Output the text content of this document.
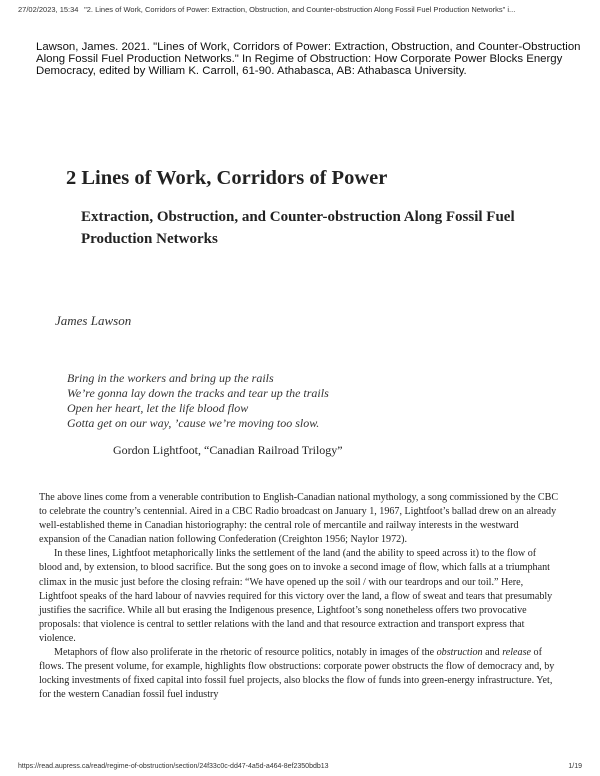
27/02/2023, 15:34 "2. Lines of Work, Corridors of Power: Extraction, Obstruction, and Counter-obstruction Along Fossil Fuel Production Networks" i...
Lawson, James. 2021. "Lines of Work, Corridors of Power: Extraction, Obstruction, and Counter-Obstruction Along Fossil Fuel Production Networks." In Regime of Obstruction: How Corporate Power Blocks Energy Democracy, edited by William K. Carroll, 61-90. Athabasca, AB: Athabasca University.
2 Lines of Work, Corridors of Power
Extraction, Obstruction, and Counter-obstruction Along Fossil Fuel Production Networks
James Lawson
Bring in the workers and bring up the rails
We’re gonna lay down the tracks and tear up the trails
Open her heart, let the life blood flow
Gotta get on our way, ’cause we’re moving too slow.
Gordon Lightfoot, “Canadian Railroad Trilogy”

The above lines come from a venerable contribution to English-Canadian national mythology, a song commissioned by the CBC to celebrate the country’s centennial. Aired in a CBC Radio broadcast on January 1, 1967, Lightfoot’s ballad drew on an already well-established theme in Canadian historiography: the central role of mercantile and railway interests in the westward expansion of the Canadian nation following Confederation (Creighton 1956; Naylor 1972).

In these lines, Lightfoot metaphorically links the settlement of the land (and the ability to speed across it) to the flow of blood and, by extension, to blood sacrifice. But the song goes on to invoke a second image of flow, which falls at a triumphant climax in the music just before the closing refrain: “We have opened up the soil / with our teardrops and our toil.” Here, Lightfoot speaks of the hard labour of navvies required for this victory over the land, a flow of sweat and tears that presumably justifies the sacrifice. While all but erasing the Indigenous presence, Lightfoot’s song nonetheless offers two provocative proposals: that violence is central to settler relations with the land and that resource extraction and transport express that violence.

Metaphors of flow also proliferate in the rhetoric of resource politics, notably in images of the obstruction and release of flows. The present volume, for example, highlights flow obstructions: corporate power obstructs the flow of democracy and, by locking investments of fixed capital into fossil fuel projects, also blocks the flow of funds into green-energy infrastructure. Yet, for the western Canadian fossil fuel industry

https://read.aupress.ca/read/regime-of-obstruction/section/24f33c0c-dd47-4a5d-a464-8ef2350bdb13	1/19
